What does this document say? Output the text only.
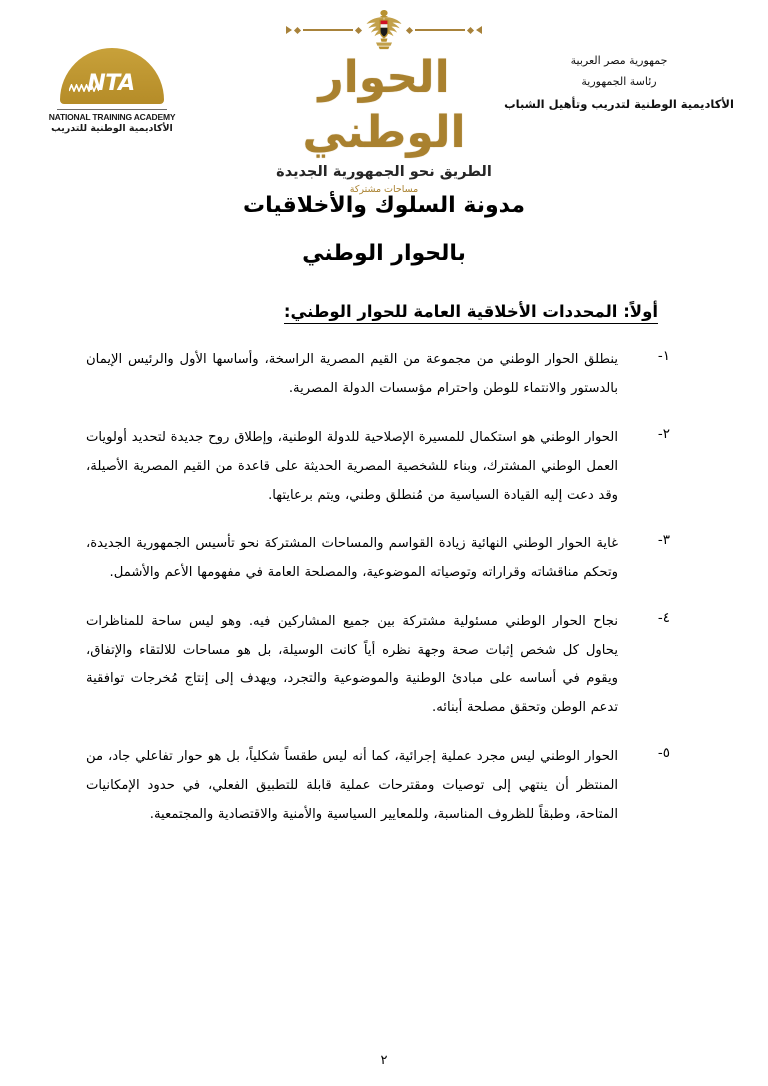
NTA
NATIONAL TRAINING ACADEMY
الأكاديمية الوطنية للتدريب
الحوار الوطني
الطريق نحو الجمهورية الجديدة
مساحات مشتركة
جمهورية مصر العربية
رئاسة الجمهورية
الأكاديمية الوطنية لتدريب وتأهيل الشباب
مدونة السلوك والأخلاقيات
بالحوار الوطني
أولاً: المحددات الأخلاقية العامة للحوار الوطني:
١-
ينطلق الحوار الوطني من مجموعة من القيم المصرية الراسخة، وأساسها الأول والرئيس الإيمان بالدستور والانتماء للوطن واحترام مؤسسات الدولة المصرية.
٢-
الحوار الوطني هو استكمال للمسيرة الإصلاحية للدولة الوطنية، وإطلاق روح جديدة لتحديد أولويات العمل الوطني المشترك، وبناء للشخصية المصرية الحديثة على قاعدة من القيم المصرية الأصيلة، وقد دعت إليه القيادة السياسية من مُنطلق وطني، ويتم برعايتها.
٣-
غاية الحوار الوطني النهائية زيادة القواسم والمساحات المشتركة نحو تأسيس الجمهورية الجديدة، وتحكم مناقشاته وقراراته وتوصياته الموضوعية، والمصلحة العامة في مفهومها الأعم والأشمل.
٤-
نجاح الحوار الوطني مسئولية مشتركة بين جميع المشاركين فيه. وهو ليس ساحة للمناظرات يحاول كل شخص إثبات صحة وجهة نظره أياً كانت الوسيلة، بل هو مساحات للالتقاء والإتفاق، ويقوم في أساسه على مبادئ الوطنية والموضوعية والتجرد، ويهدف إلى إنتاج مُخرجات توافقية تدعم الوطن وتحقق مصلحة أبنائه.
٥-
الحوار الوطني ليس مجرد عملية إجرائية، كما أنه ليس طقساً شكلياً، بل هو حوار تفاعلي جاد، من المنتظر أن ينتهي إلى توصيات ومقترحات عملية قابلة للتطبيق الفعلي، في حدود الإمكانيات المتاحة، وطبقاً للظروف المناسبة، وللمعايير السياسية والأمنية والاقتصادية والمجتمعية.
٢
